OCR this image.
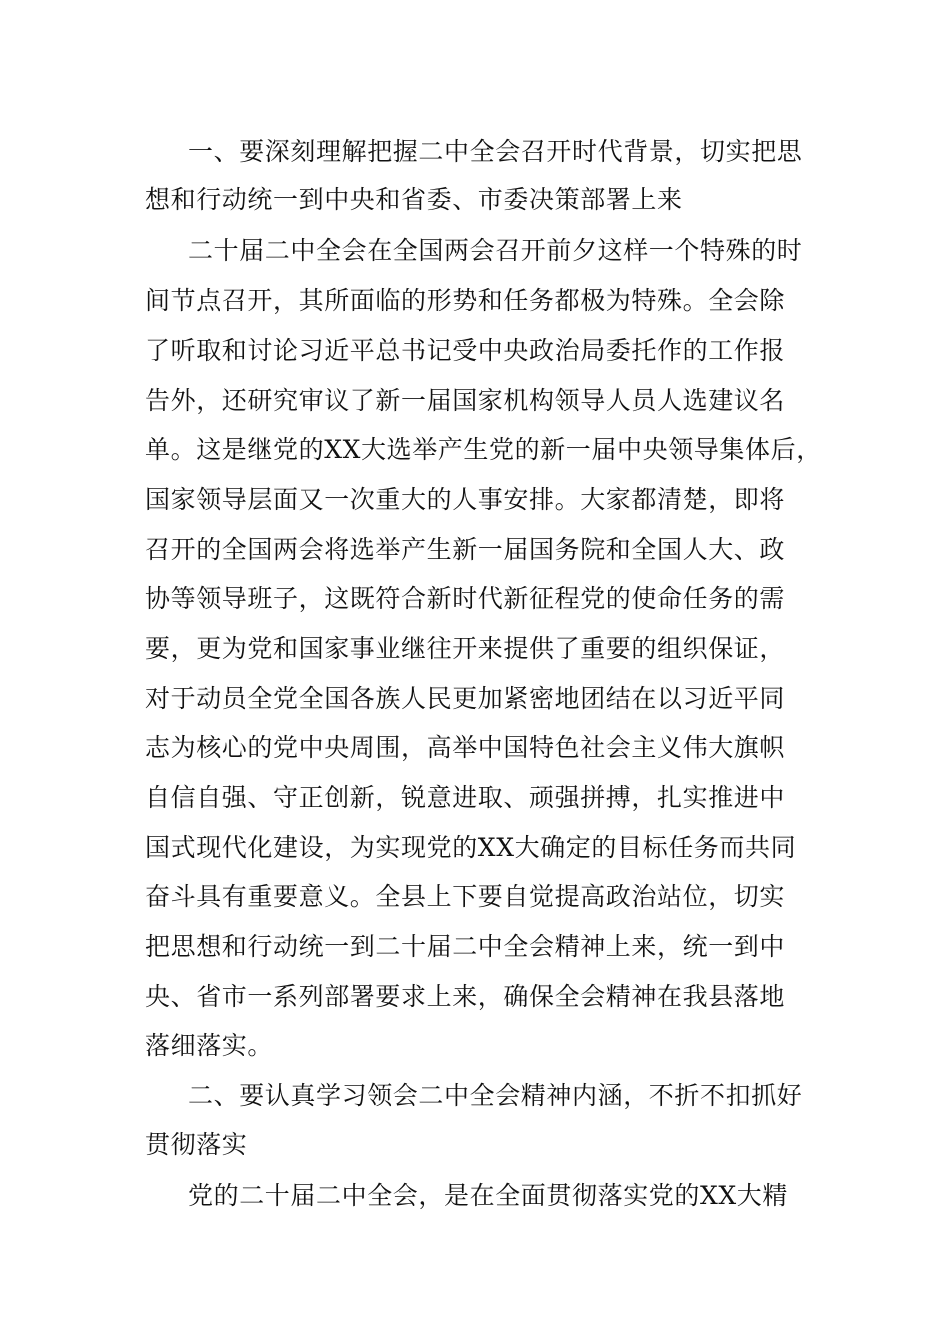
一、要深刻理解把握二中全会召开时代背景，切实把思
想和行动统一到中央和省委、市委决策部署上来
二十届二中全会在全国两会召开前夕这样一个特殊的时
间节点召开，其所面临的形势和任务都极为特殊。全会除
了听取和讨论习近平总书记受中央政治局委托作的工作报
告外，还研究审议了新一届国家机构领导人员人选建议名
单。这是继党的XX大选举产生党的新一届中央领导集体后，
国家领导层面又一次重大的人事安排。大家都清楚，即将
召开的全国两会将选举产生新一届国务院和全国人大、政
协等领导班子，这既符合新时代新征程党的使命任务的需
要，更为党和国家事业继往开来提供了重要的组织保证，
对于动员全党全国各族人民更加紧密地团结在以习近平同
志为核心的党中央周围，高举中国特色社会主义伟大旗帜
自信自强、守正创新，锐意进取、顽强拼搏，扎实推进中
国式现代化建设，为实现党的XX大确定的目标任务而共同
奋斗具有重要意义。全县上下要自觉提高政治站位，切实
把思想和行动统一到二十届二中全会精神上来，统一到中
央、省市一系列部署要求上来，确保全会精神在我县落地
落细落实。
二、要认真学习领会二中全会精神内涵，不折不扣抓好
贯彻落实
党的二十届二中全会，是在全面贯彻落实党的XX大精
